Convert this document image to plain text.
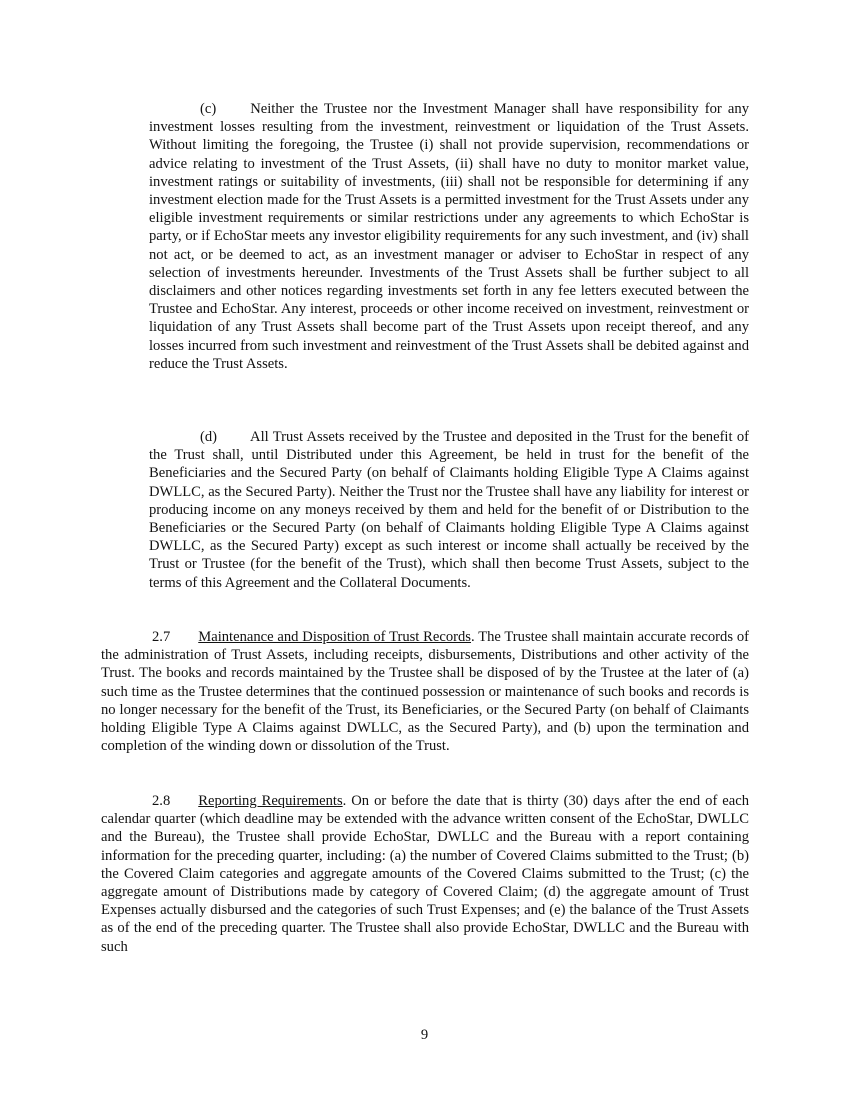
(c) Neither the Trustee nor the Investment Manager shall have responsibility for any investment losses resulting from the investment, reinvestment or liquidation of the Trust Assets. Without limiting the foregoing, the Trustee (i) shall not provide supervision, recommendations or advice relating to investment of the Trust Assets, (ii) shall have no duty to monitor market value, investment ratings or suitability of investments, (iii) shall not be responsible for determining if any investment election made for the Trust Assets is a permitted investment for the Trust Assets under any eligible investment requirements or similar restrictions under any agreements to which EchoStar is party, or if EchoStar meets any investor eligibility requirements for any such investment, and (iv) shall not act, or be deemed to act, as an investment manager or adviser to EchoStar in respect of any selection of investments hereunder. Investments of the Trust Assets shall be further subject to all disclaimers and other notices regarding investments set forth in any fee letters executed between the Trustee and EchoStar. Any interest, proceeds or other income received on investment, reinvestment or liquidation of any Trust Assets shall become part of the Trust Assets upon receipt thereof, and any losses incurred from such investment and reinvestment of the Trust Assets shall be debited against and reduce the Trust Assets.

(d) All Trust Assets received by the Trustee and deposited in the Trust for the benefit of the Trust shall, until Distributed under this Agreement, be held in trust for the benefit of the Beneficiaries and the Secured Party (on behalf of Claimants holding Eligible Type A Claims against DWLLC, as the Secured Party). Neither the Trust nor the Trustee shall have any liability for interest or producing income on any moneys received by them and held for the benefit of or Distribution to the Beneficiaries or the Secured Party (on behalf of Claimants holding Eligible Type A Claims against DWLLC, as the Secured Party) except as such interest or income shall actually be received by the Trust or Trustee (for the benefit of the Trust), which shall then become Trust Assets, subject to the terms of this Agreement and the Collateral Documents.

2.7 Maintenance and Disposition of Trust Records. The Trustee shall maintain accurate records of the administration of Trust Assets, including receipts, disbursements, Distributions and other activity of the Trust. The books and records maintained by the Trustee shall be disposed of by the Trustee at the later of (a) such time as the Trustee determines that the continued possession or maintenance of such books and records is no longer necessary for the benefit of the Trust, its Beneficiaries, or the Secured Party (on behalf of Claimants holding Eligible Type A Claims against DWLLC, as the Secured Party), and (b) upon the termination and completion of the winding down or dissolution of the Trust.

2.8 Reporting Requirements. On or before the date that is thirty (30) days after the end of each calendar quarter (which deadline may be extended with the advance written consent of the EchoStar, DWLLC and the Bureau), the Trustee shall provide EchoStar, DWLLC and the Bureau with a report containing information for the preceding quarter, including: (a) the number of Covered Claims submitted to the Trust; (b) the Covered Claim categories and aggregate amounts of the Covered Claims submitted to the Trust; (c) the aggregate amount of Distributions made by category of Covered Claim; (d) the aggregate amount of Trust Expenses actually disbursed and the categories of such Trust Expenses; and (e) the balance of the Trust Assets as of the end of the preceding quarter. The Trustee shall also provide EchoStar, DWLLC and the Bureau with such

9
